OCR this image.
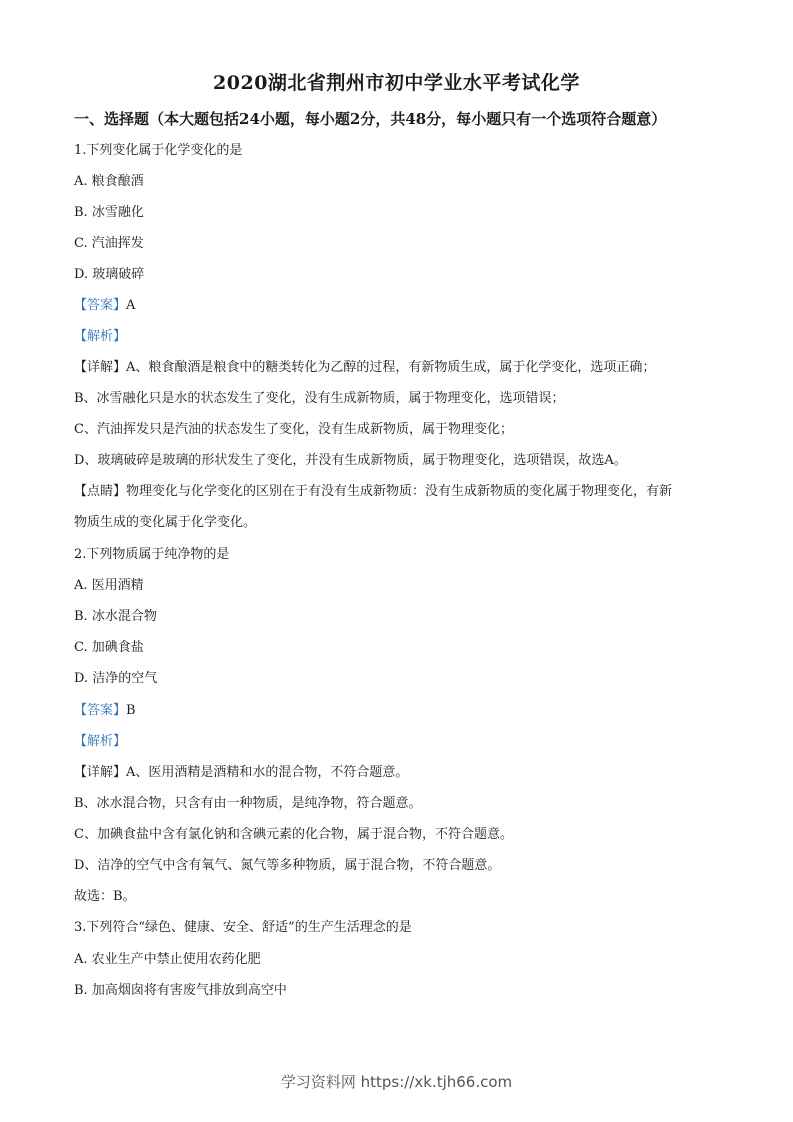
2020湖北省荆州市初中学业水平考试化学
一、选择题（本大题包括24小题，每小题2分，共48分，每小题只有一个选项符合题意）
1.下列变化属于化学变化的是
A. 粮食酿酒
B. 冰雪融化
C. 汽油挥发
D. 玻璃破碎
【答案】A
【解析】
【详解】A、粮食酿酒是粮食中的糖类转化为乙醇的过程，有新物质生成，属于化学变化，选项正确；
B、冰雪融化只是水的状态发生了变化，没有生成新物质，属于物理变化，选项错误；
C、汽油挥发只是汽油的状态发生了变化，没有生成新物质，属于物理变化；
D、玻璃破碎是玻璃的形状发生了变化，并没有生成新物质，属于物理变化，选项错误，故选A。
【点睛】物理变化与化学变化的区别在于有没有生成新物质：没有生成新物质的变化属于物理变化，有新
物质生成的变化属于化学变化。
2.下列物质属于纯净物的是
A. 医用酒精
B. 冰水混合物
C. 加碘食盐
D. 洁净的空气
【答案】B
【解析】
【详解】A、医用酒精是酒精和水的混合物，不符合题意。
B、冰水混合物，只含有由一种物质，是纯净物，符合题意。
C、加碘食盐中含有氯化钠和含碘元素的化合物，属于混合物，不符合题意。
D、洁净的空气中含有氧气、氮气等多种物质，属于混合物，不符合题意。
故选：B。
3.下列符合“绿色、健康、安全、舒适”的生产生活理念的是
A. 农业生产中禁止使用农药化肥
B. 加高烟囱将有害废气排放到高空中
学习资料网 https://xk.tjh66.com
